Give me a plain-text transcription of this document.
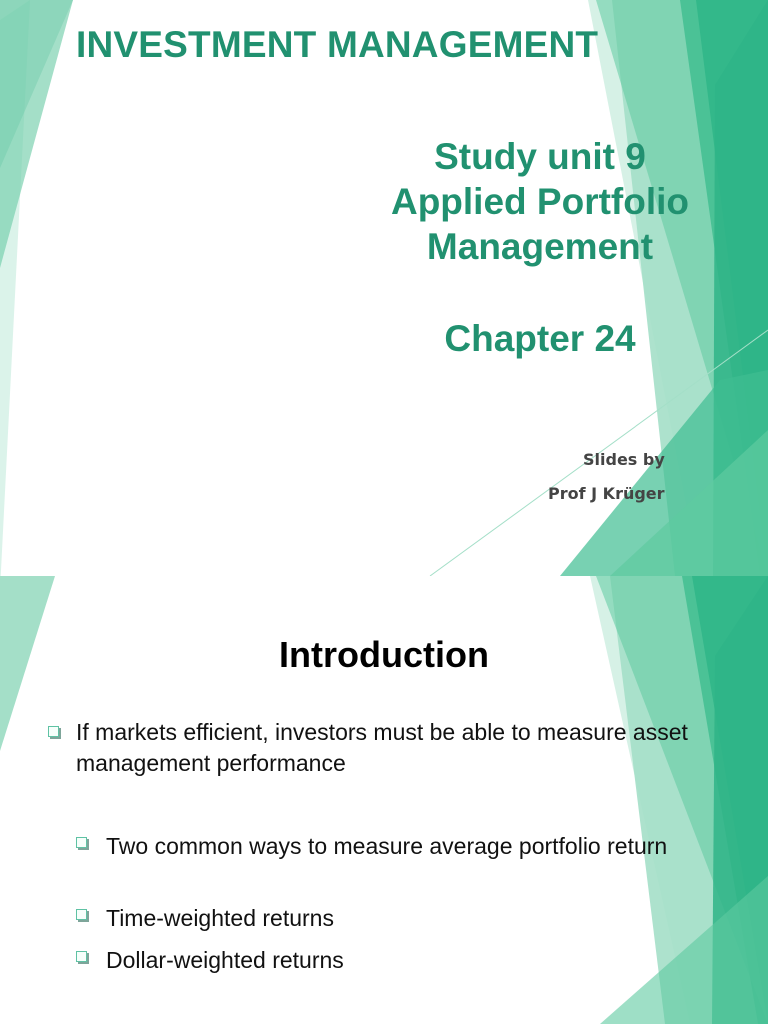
INVESTMENT MANAGEMENT
Study unit 9
Applied Portfolio
Management
Chapter 24

Slides by

Prof J Krüger

Introduction
If markets efficient, investors must be able to measure asset management performance
Two common ways to measure average portfolio return
Time-weighted returns
Dollar-weighted returns
